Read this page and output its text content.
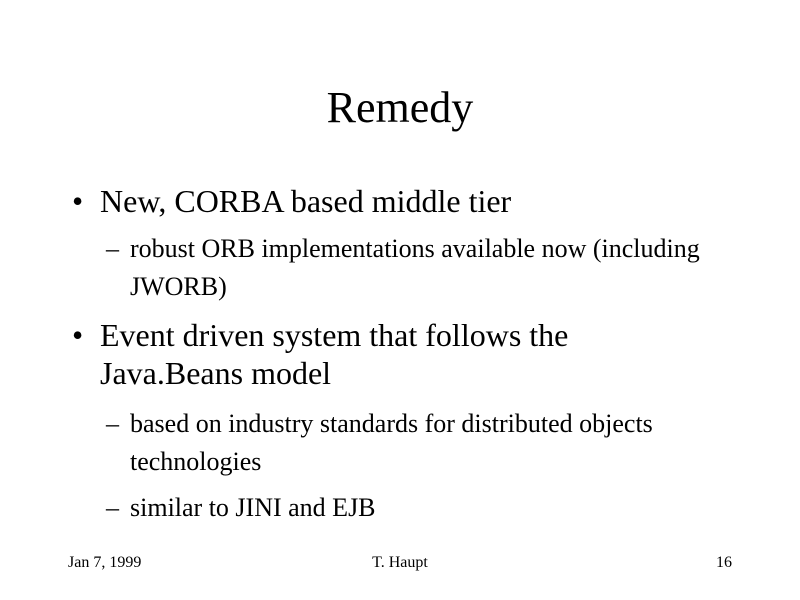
Remedy
• New, CORBA based middle tier
– robust ORB implementations available now (including JWORB)
• Event driven system that follows the Java.Beans model
– based on industry standards for distributed objects technologies
– similar to JINI and EJB
Jan 7, 1999	T. Haupt	16
